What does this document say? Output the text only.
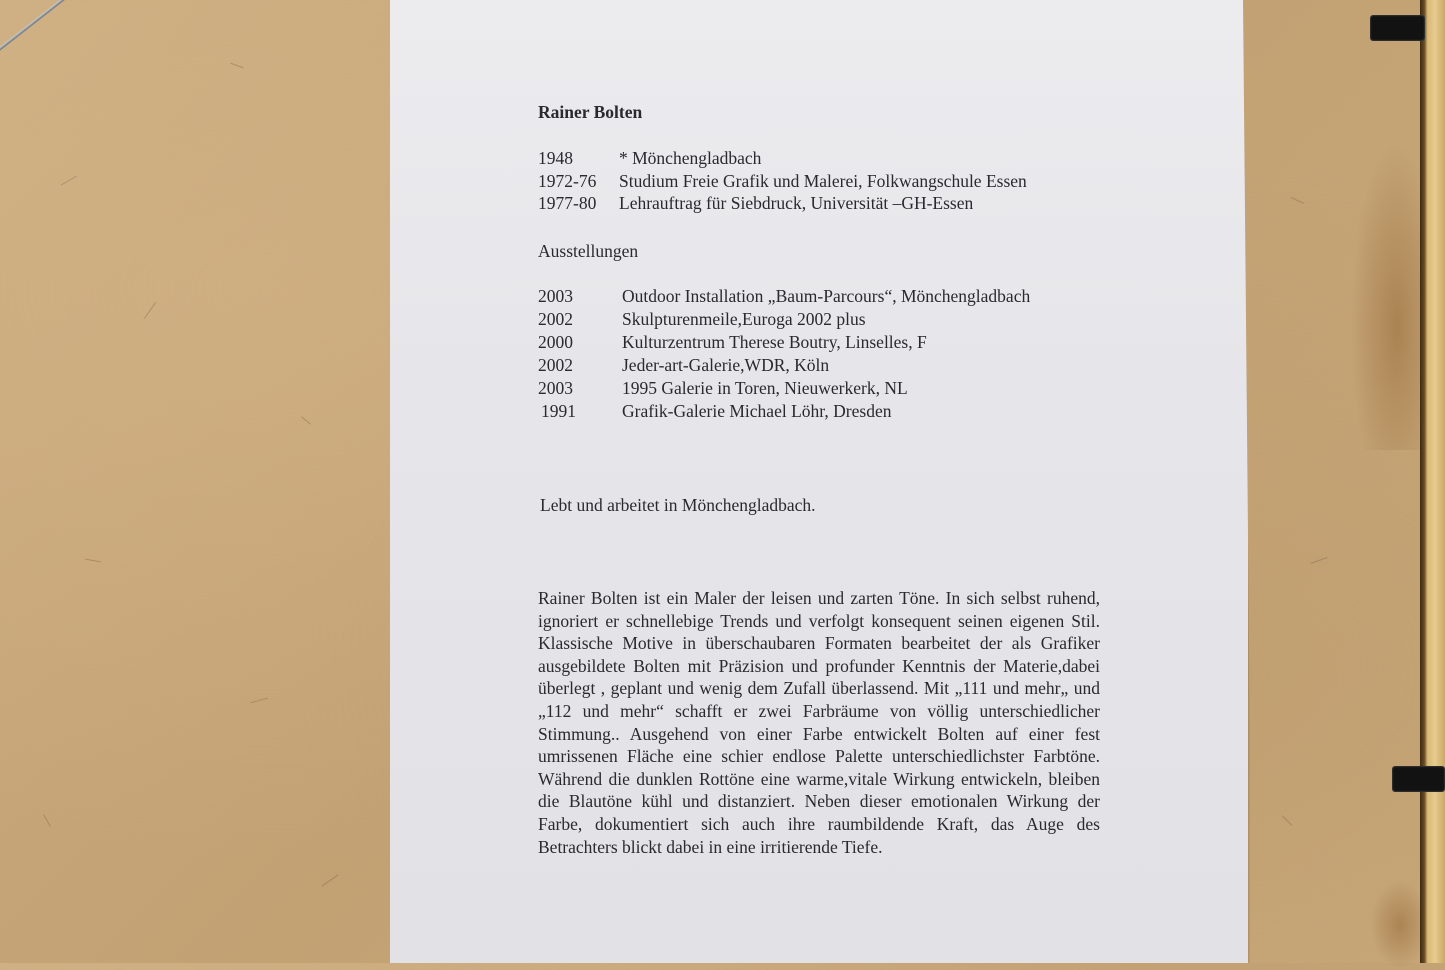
Rainer Bolten
1948	* Mönchengladbach
1972-76	Studium Freie Grafik und Malerei, Folkwangschule Essen
1977-80	Lehrauftrag für Siebdruck, Universität –GH-Essen
Ausstellungen
2003	Outdoor Installation „Baum-Parcours“, Mönchengladbach
2002	Skulpturenmeile,Euroga 2002 plus
2000	Kulturzentrum Therese Boutry, Linselles, F
2002	Jeder-art-Galerie,WDR, Köln
2003	1995 Galerie in Toren, Nieuwerkerk, NL
1991	Grafik-Galerie Michael Löhr, Dresden
Lebt und arbeitet in Mönchengladbach.
Rainer Bolten ist ein Maler der leisen und zarten Töne. In sich selbst ruhend, ignoriert er schnellebige Trends und verfolgt konsequent seinen eigenen Stil. Klassische Motive in überschaubaren Formaten bearbeitet der als Grafiker ausgebildete Bolten mit Präzision und profunder Kenntnis der Materie,dabei überlegt , geplant und wenig dem Zufall überlassend. Mit „111 und mehr„ und „112 und mehr“ schafft er zwei Farbräume von völlig unterschiedlicher Stimmung.. Ausgehend von einer Farbe entwickelt Bolten auf einer fest umrissenen Fläche eine schier endlose Palette unterschiedlichster Farbtöne. Während die dunklen Rottöne eine warme,vitale Wirkung entwickeln, bleiben die Blautöne kühl und distanziert. Neben dieser emotionalen Wirkung der Farbe, dokumentiert sich auch ihre raumbildende Kraft, das Auge des Betrachters blickt dabei in eine irritierende Tiefe.
